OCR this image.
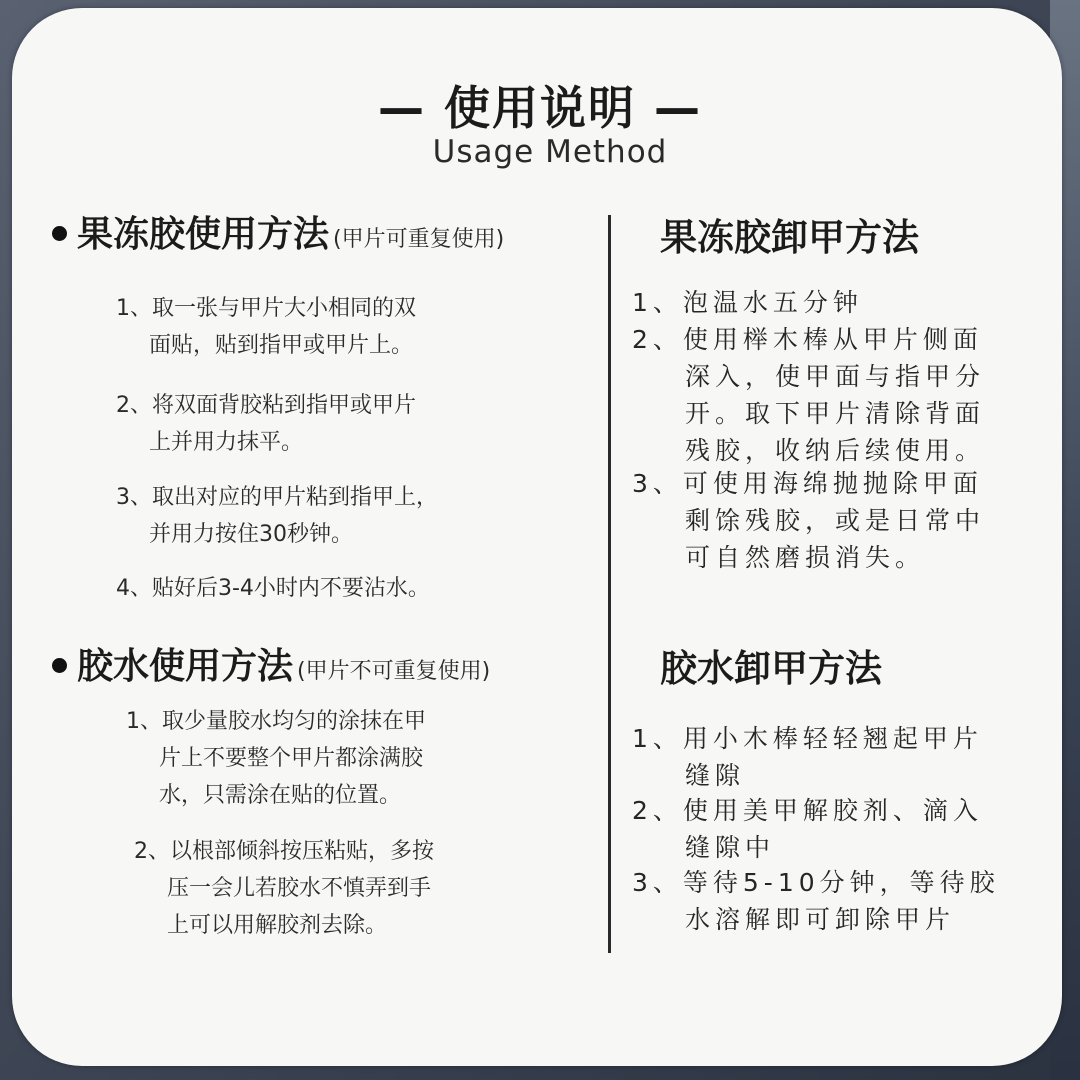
— 使用说明 —
Usage Method
果冻胶使用方法 (甲片可重复使用)
1、取一张与甲片大小相同的双
面贴，贴到指甲或甲片上。
2、将双面背胶粘到指甲或甲片
上并用力抹平。
3、取出对应的甲片粘到指甲上，
并用力按住30秒钟。
4、贴好后3-4小时内不要沾水。
胶水使用方法 (甲片不可重复使用)
1、取少量胶水均匀的涂抹在甲
片上不要整个甲片都涂满胶
水，只需涂在贴的位置。
2、以根部倾斜按压粘贴，多按
压一会儿若胶水不慎弄到手
上可以用解胶剂去除。
果冻胶卸甲方法
1、泡温水五分钟
2、使用榉木棒从甲片侧面
深入，使甲面与指甲分
开。取下甲片清除背面
残胶，收纳后续使用。
3、可使用海绵抛抛除甲面
剩馀残胶，或是日常中
可自然磨损消失。
胶水卸甲方法
1、用小木棒轻轻翘起甲片
缝隙
2、使用美甲解胶剂、滴入
缝隙中
3、等待5-10分钟，等待胶
水溶解即可卸除甲片
